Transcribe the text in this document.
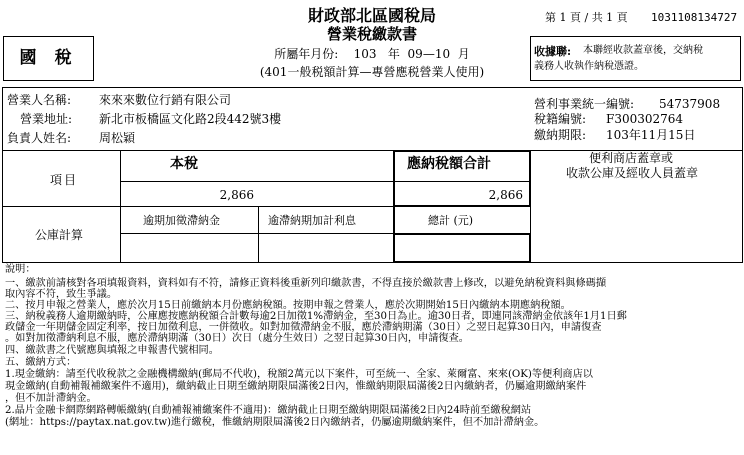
第 1 頁 / 共 1 頁 1031108134727
財政部北區國稅局
營業稅繳款書
所屬年月份:    103   年  09—10  月
(401一般税額計算—專營應税營業人使用)
國 稅	收據聯: 本聯經收款蓋章後，交納稅
義務人收執作納稅憑證。
營業人名稱: 來來來數位行銷有限公司
營業地址: 新北市板橋區文化路2段442號3樓
負責人姓名: 周松穎
營利事業統一編號: 54737908
稅籍編號: F300302764
繳納期限: 103年11月15日
項目
本稅	應納稅額合計
2,866	2,866
便利商店蓋章或
收款公庫及經收人員蓋章
公庫計算
逾期加徵滯納金	逾滯納期加計利息	總計 (元)
說明：
一、繳款前請核對各項填報資料，資料如有不符，請修正資料後重新列印繳款書，不得直接於繳款書上修改，以避免納稅資料與條碼擷
取內容不符，致生爭議。
二、按月申報之營業人，應於次月15日前繳納本月份應納稅額。按期申報之營業人，應於次期開始15日內繳納本期應納稅額。
三、納稅義務人逾期繳納時，公庫應按應納稅額合計數每逾2日加徵1%滯納金，至30日為止。逾30日者，即連同該滯納金依該年1月1日郵
政儲金一年期儲金固定利率，按日加徵利息，一併徵收。如對加徵滯納金不服，應於滯納期滿（30日）之翌日起算30日內，申請復查
。如對加徵滯納利息不服，應於滯納期滿（30日）次日（處分生效日）之翌日起算30日內，申請復查。
四、繳款書之代號應與填報之申報書代號相同。
五、繳納方式：
1.現金繳納：請至代收稅款之金融機構繳納(郵局不代收)，稅額2萬元以下案件，可至統一、全家、萊爾富、來來(OK)等便利商店以
現金繳納(自動補報補繳案件不適用)，繳納截止日期至繳納期限屆滿後2日內，惟繳納期限屆滿後2日內繳納者，仍屬逾期繳納案件
，但不加計滯納金。
2.晶片金融卡網際網路轉帳繳納(自動補報補繳案件不適用)：繳納截止日期至繳納期限屆滿後2日內24時前至繳稅網站
(網址：https://paytax.nat.gov.tw)進行繳稅，惟繳納期限屆滿後2日內繳納者，仍屬逾期繳納案件，但不加計滯納金。
